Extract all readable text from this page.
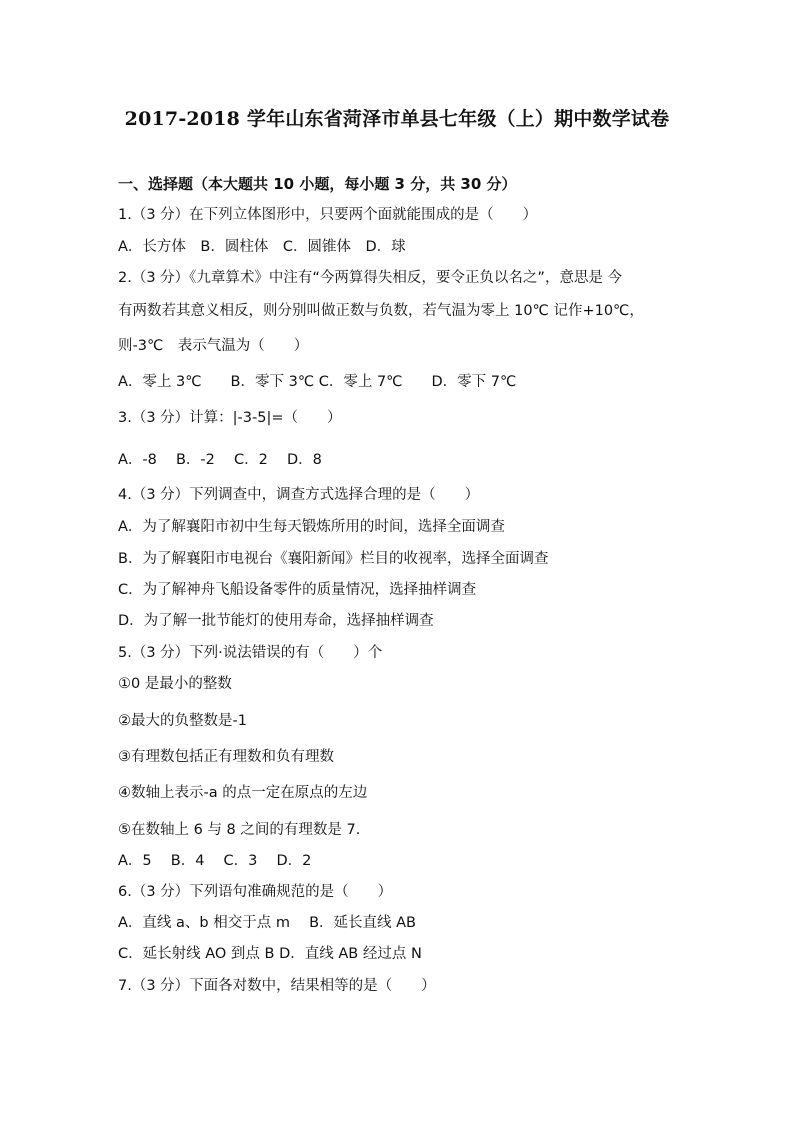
2017-2018 学年山东省菏泽市单县七年级（上）期中数学试卷
一、选择题（本大题共 10 小题，每小题 3 分，共 30 分）
1.（3 分）在下列立体图形中，只要两个面就能围成的是（　　）
A．长方体　B．圆柱体　C．圆锥体　D．球
2.（3 分）《九章算术》中注有“今两算得失相反，要令正负以名之”，意思是 今
有两数若其意义相反，则分别叫做正数与负数，若气温为零上 10℃ 记作+10℃，
则-3℃　表示气温为（　　）
A．零上 3℃　　B．零下 3℃ C．零上 7℃　　D．零下 7℃
3.（3 分）计算：|-3-5|=（　　）
A．-8　 B．-2　 C．2　 D．8
4.（3 分）下列调查中，调查方式选择合理的是（　　）
A．为了解襄阳市初中生每天锻炼所用的时间，选择全面调查
B．为了解襄阳市电视台《襄阳新闻》栏目的收视率，选择全面调查
C．为了解神舟飞船设备零件的质量情况，选择抽样调查
D．为了解一批节能灯的使用寿命，选择抽样调查
5.（3 分）下列·说法错误的有（　　）个
①0 是最小的整数
②最大的负整数是-1
③有理数包括正有理数和负有理数
④数轴上表示-a 的点一定在原点的左边
⑤在数轴上 6 与 8 之间的有理数是 7.
A．5　 B．4　 C．3　 D．2
6.（3 分）下列语句准确规范的是（　　）
A．直线 a、b 相交于点 m　 B．延长直线 AB
C．延长射线 AO 到点 B D．直线 AB 经过点 N
7.（3 分）下面各对数中，结果相等的是（　　）
